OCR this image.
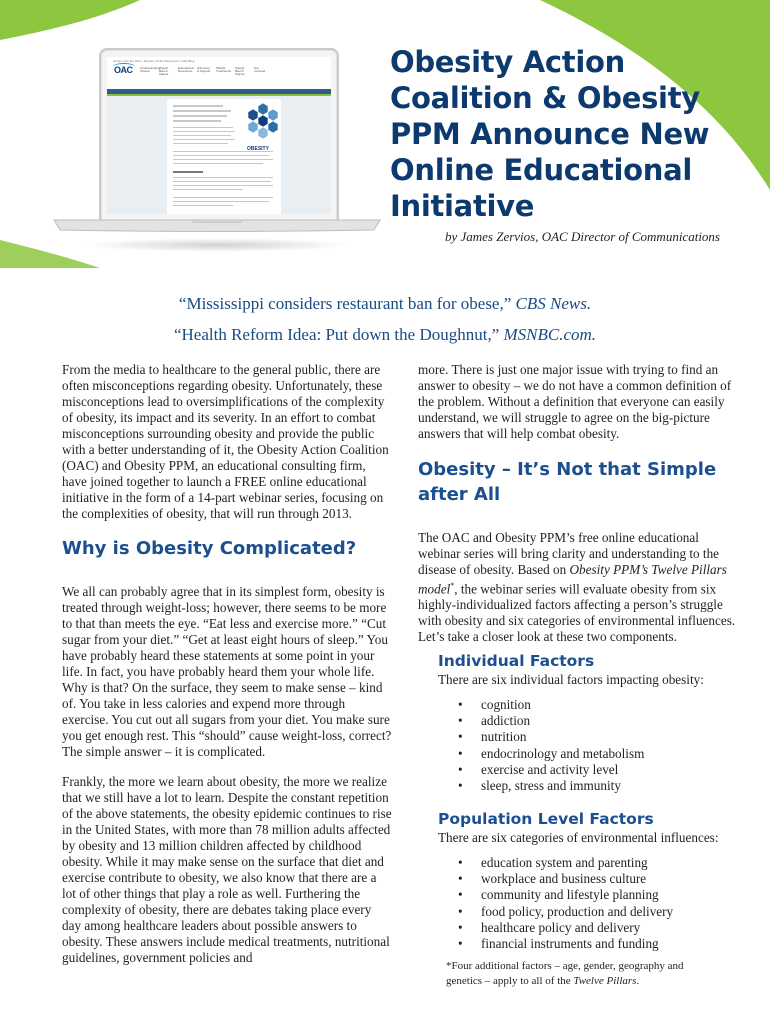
Home | Join the OAC | Donate | Order Resources | OAC Blog
OAC	Understanding Obesity
Weight Bias & Stigma
Educational Resources
Advocacy & Support
Weight Treatments
Weight Bias & Stigma
Get Involved
OBESITY
Obesity Action Coalition & Obesity PPM Announce New Online Educational Initiative
by James Zervios, OAC Director of Communications
“Mississippi considers restaurant ban for obese,” CBS News.
“Health Reform Idea: Put down the Doughnut,” MSNBC.com.

From the media to healthcare to the general public, there are often misconceptions regarding obesity. Unfortunately, these misconceptions lead to oversimplifications of the complexity of obesity, its impact and its severity. In an effort to combat misconceptions surrounding obesity and provide the public with a better understanding of it, the Obesity Action Coalition (OAC) and Obesity PPM, an educational consulting firm, have joined together to launch a FREE online educational initiative in the form of a 14-part webinar series, focusing on the complexities of obesity, that will run through 2013.

Why is Obesity Complicated?

We all can probably agree that in its simplest form, obesity is treated through weight-loss; however, there seems to be more to that than meets the eye. “Eat less and exercise more.” “Cut sugar from your diet.” “Get at least eight hours of sleep.” You have probably heard these statements at some point in your life. In fact, you have probably heard them your whole life. Why is that? On the surface, they seem to make sense – kind of. You take in less calories and expend more through exercise. You cut out all sugars from your diet. You make sure you get enough rest. This “should” cause weight-loss, correct? The simple answer – it is complicated.

Frankly, the more we learn about obesity, the more we realize that we still have a lot to learn. Despite the constant repetition of the above statements, the obesity epidemic continues to rise in the United States, with more than 78 million adults affected by obesity and 13 million children affected by childhood obesity. While it may make sense on the surface that diet and exercise contribute to obesity, we also know that there are a lot of other things that play a role as well. Furthering the complexity of obesity, there are debates taking place every day among healthcare leaders about possible answers to obesity. These answers include medical treatments, nutritional guidelines, government policies and

more. There is just one major issue with trying to find an answer to obesity – we do not have a common definition of the problem. Without a definition that everyone can easily understand, we will struggle to agree on the big-picture answers that will help combat obesity.

Obesity – It’s Not that Simple after All

The OAC and Obesity PPM’s free online educational webinar series will bring clarity and understanding to the disease of obesity. Based on Obesity PPM’s Twelve Pillars model*, the webinar series will evaluate obesity from six highly-individualized factors affecting a person’s struggle with obesity and six categories of environmental influences. Let’s take a closer look at these two components.

Individual Factors
There are six individual factors impacting obesity:
• cognition
• addiction
• nutrition
• endocrinology and metabolism
• exercise and activity level
• sleep, stress and immunity
Population Level Factors
There are six categories of environmental influences:
• education system and parenting
• workplace and business culture
• community and lifestyle planning
• food policy, production and delivery
• healthcare policy and delivery
• financial instruments and funding
*Four additional factors – age, gender, geography and genetics – apply to all of the Twelve Pillars.
